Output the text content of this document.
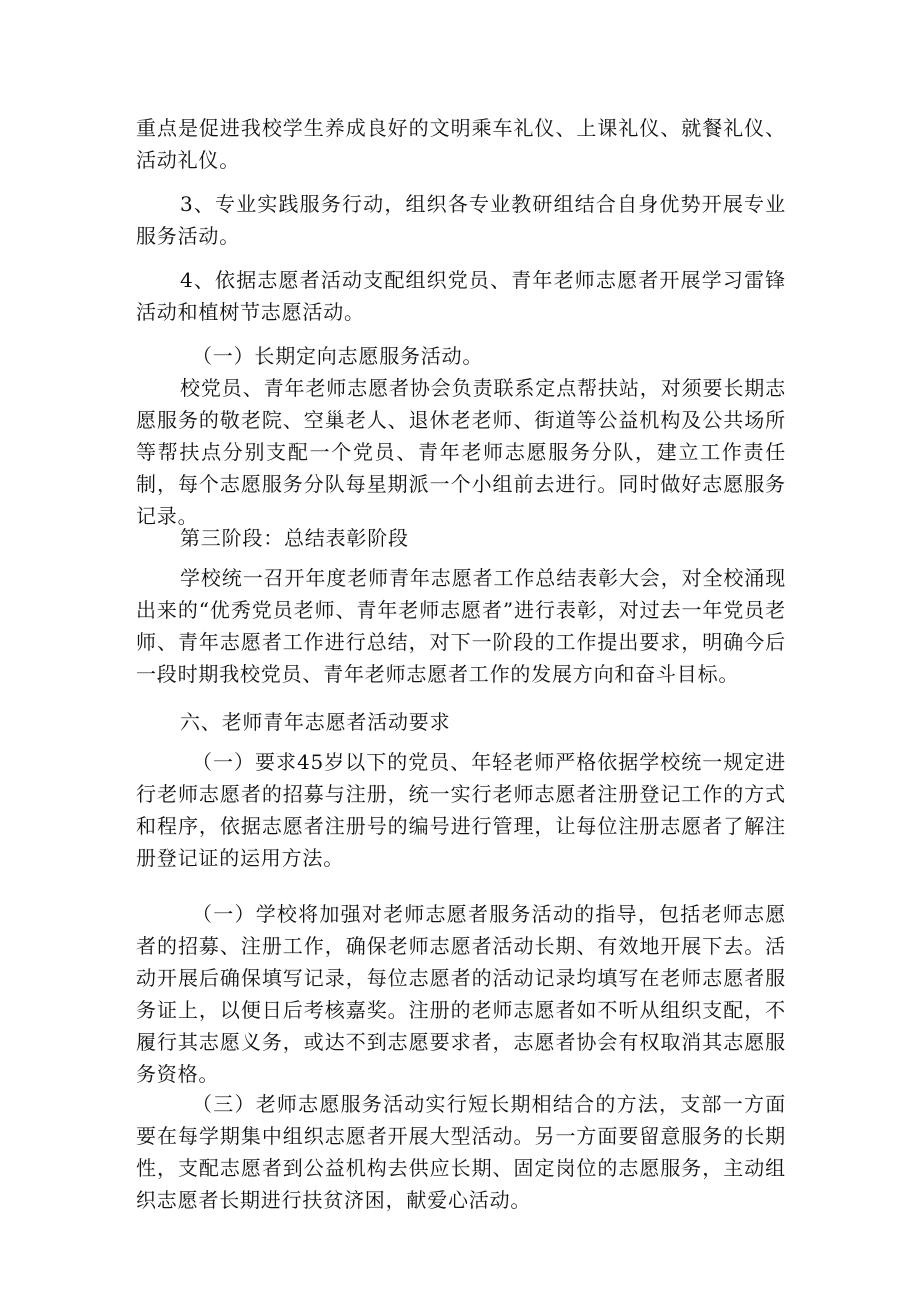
重点是促进我校学生养成良好的文明乘车礼仪、上课礼仪、就餐礼仪、活动礼仪。

3、专业实践服务行动，组织各专业教研组结合自身优势开展专业服务活动。

4、依据志愿者活动支配组织党员、青年老师志愿者开展学习雷锋活动和植树节志愿活动。

（一）长期定向志愿服务活动。

校党员、青年老师志愿者协会负责联系定点帮扶站，对须要长期志愿服务的敬老院、空巢老人、退休老老师、街道等公益机构及公共场所等帮扶点分别支配一个党员、青年老师志愿服务分队，建立工作责任制，每个志愿服务分队每星期派一个小组前去进行。同时做好志愿服务记录。

第三阶段：总结表彰阶段

学校统一召开年度老师青年志愿者工作总结表彰大会，对全校涌现出来的“优秀党员老师、青年老师志愿者”进行表彰，对过去一年党员老师、青年志愿者工作进行总结，对下一阶段的工作提出要求，明确今后一段时期我校党员、青年老师志愿者工作的发展方向和奋斗目标。

六、老师青年志愿者活动要求

（一）要求45岁以下的党员、年轻老师严格依据学校统一规定进行老师志愿者的招募与注册，统一实行老师志愿者注册登记工作的方式和程序，依据志愿者注册号的编号进行管理，让每位注册志愿者了解注册登记证的运用方法。

（一）学校将加强对老师志愿者服务活动的指导，包括老师志愿者的招募、注册工作，确保老师志愿者活动长期、有效地开展下去。活动开展后确保填写记录，每位志愿者的活动记录均填写在老师志愿者服务证上，以便日后考核嘉奖。注册的老师志愿者如不听从组织支配，不履行其志愿义务，或达不到志愿要求者，志愿者协会有权取消其志愿服务资格。

（三）老师志愿服务活动实行短长期相结合的方法，支部一方面要在每学期集中组织志愿者开展大型活动。另一方面要留意服务的长期性，支配志愿者到公益机构去供应长期、固定岗位的志愿服务，主动组织志愿者长期进行扶贫济困，献爱心活动。
